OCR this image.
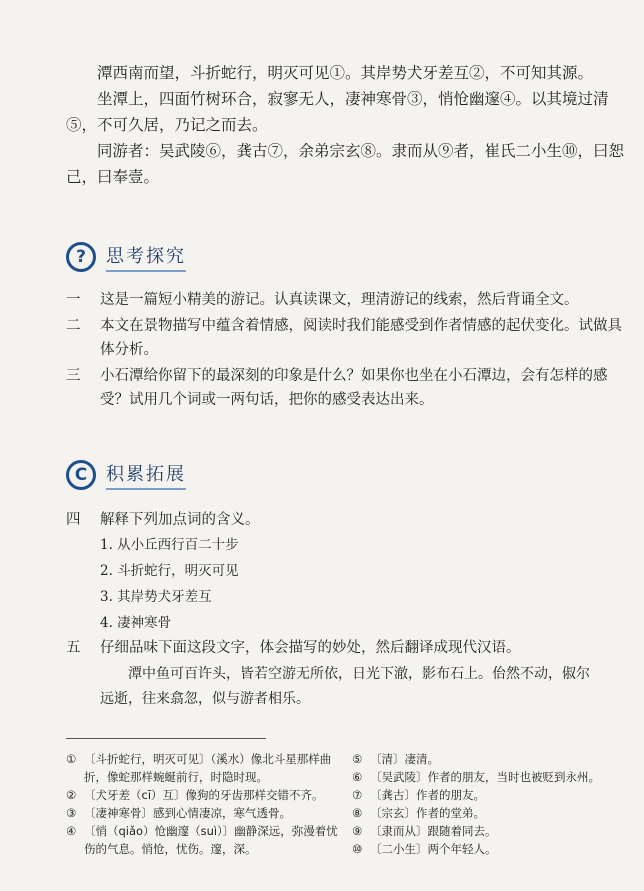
潭西南而望，斗折蛇行，明灭可见①。其岸势犬牙差互②，不可知其源。

坐潭上，四面竹树环合，寂寥无人，凄神寒骨③，悄怆幽邃④。以其境过清⑤，不可久居，乃记之而去。

同游者：吴武陵⑥，龚古⑦，余弟宗玄⑧。隶而从⑨者，崔氏二小生⑩，曰恕己，曰奉壹。

?	思考探究
一	这是一篇短小精美的游记。认真读课文，理清游记的线索，然后背诵全文。
二	本文在景物描写中蕴含着情感，阅读时我们能感受到作者情感的起伏变化。试做具体分析。
三	小石潭给你留下的最深刻的印象是什么？如果你也坐在小石潭边，会有怎样的感受？试用几个词或一两句话，把你的感受表达出来。
C	积累拓展
四	解释下列加点词的含义。
1. 从小丘西行百二十步
2. 斗折蛇行，明灭可见
3. 其岸势犬牙差互
4. 凄神寒骨
五	仔细品味下面这段文字，体会描写的妙处，然后翻译成现代汉语。
潭中鱼可百许头，皆若空游无所依，日光下澈，影布石上。佁然不动，俶尔远逝，往来翕忽，似与游者相乐。
① 〔斗折蛇行，明灭可见〕（溪水）像北斗星那样曲折，像蛇那样蜿蜒前行，时隐时现。
② 〔犬牙差（cī）互〕像狗的牙齿那样交错不齐。
③ 〔凄神寒骨〕感到心情凄凉，寒气透骨。
④ 〔悄（qiǎo）怆幽邃（suì）〕幽静深远，弥漫着忧伤的气息。悄怆，忧伤。邃，深。
⑤ 〔清〕凄清。
⑥ 〔吴武陵〕作者的朋友，当时也被贬到永州。
⑦ 〔龚古〕作者的朋友。
⑧ 〔宗玄〕作者的堂弟。
⑨ 〔隶而从〕跟随着同去。
⑩ 〔二小生〕两个年轻人。
